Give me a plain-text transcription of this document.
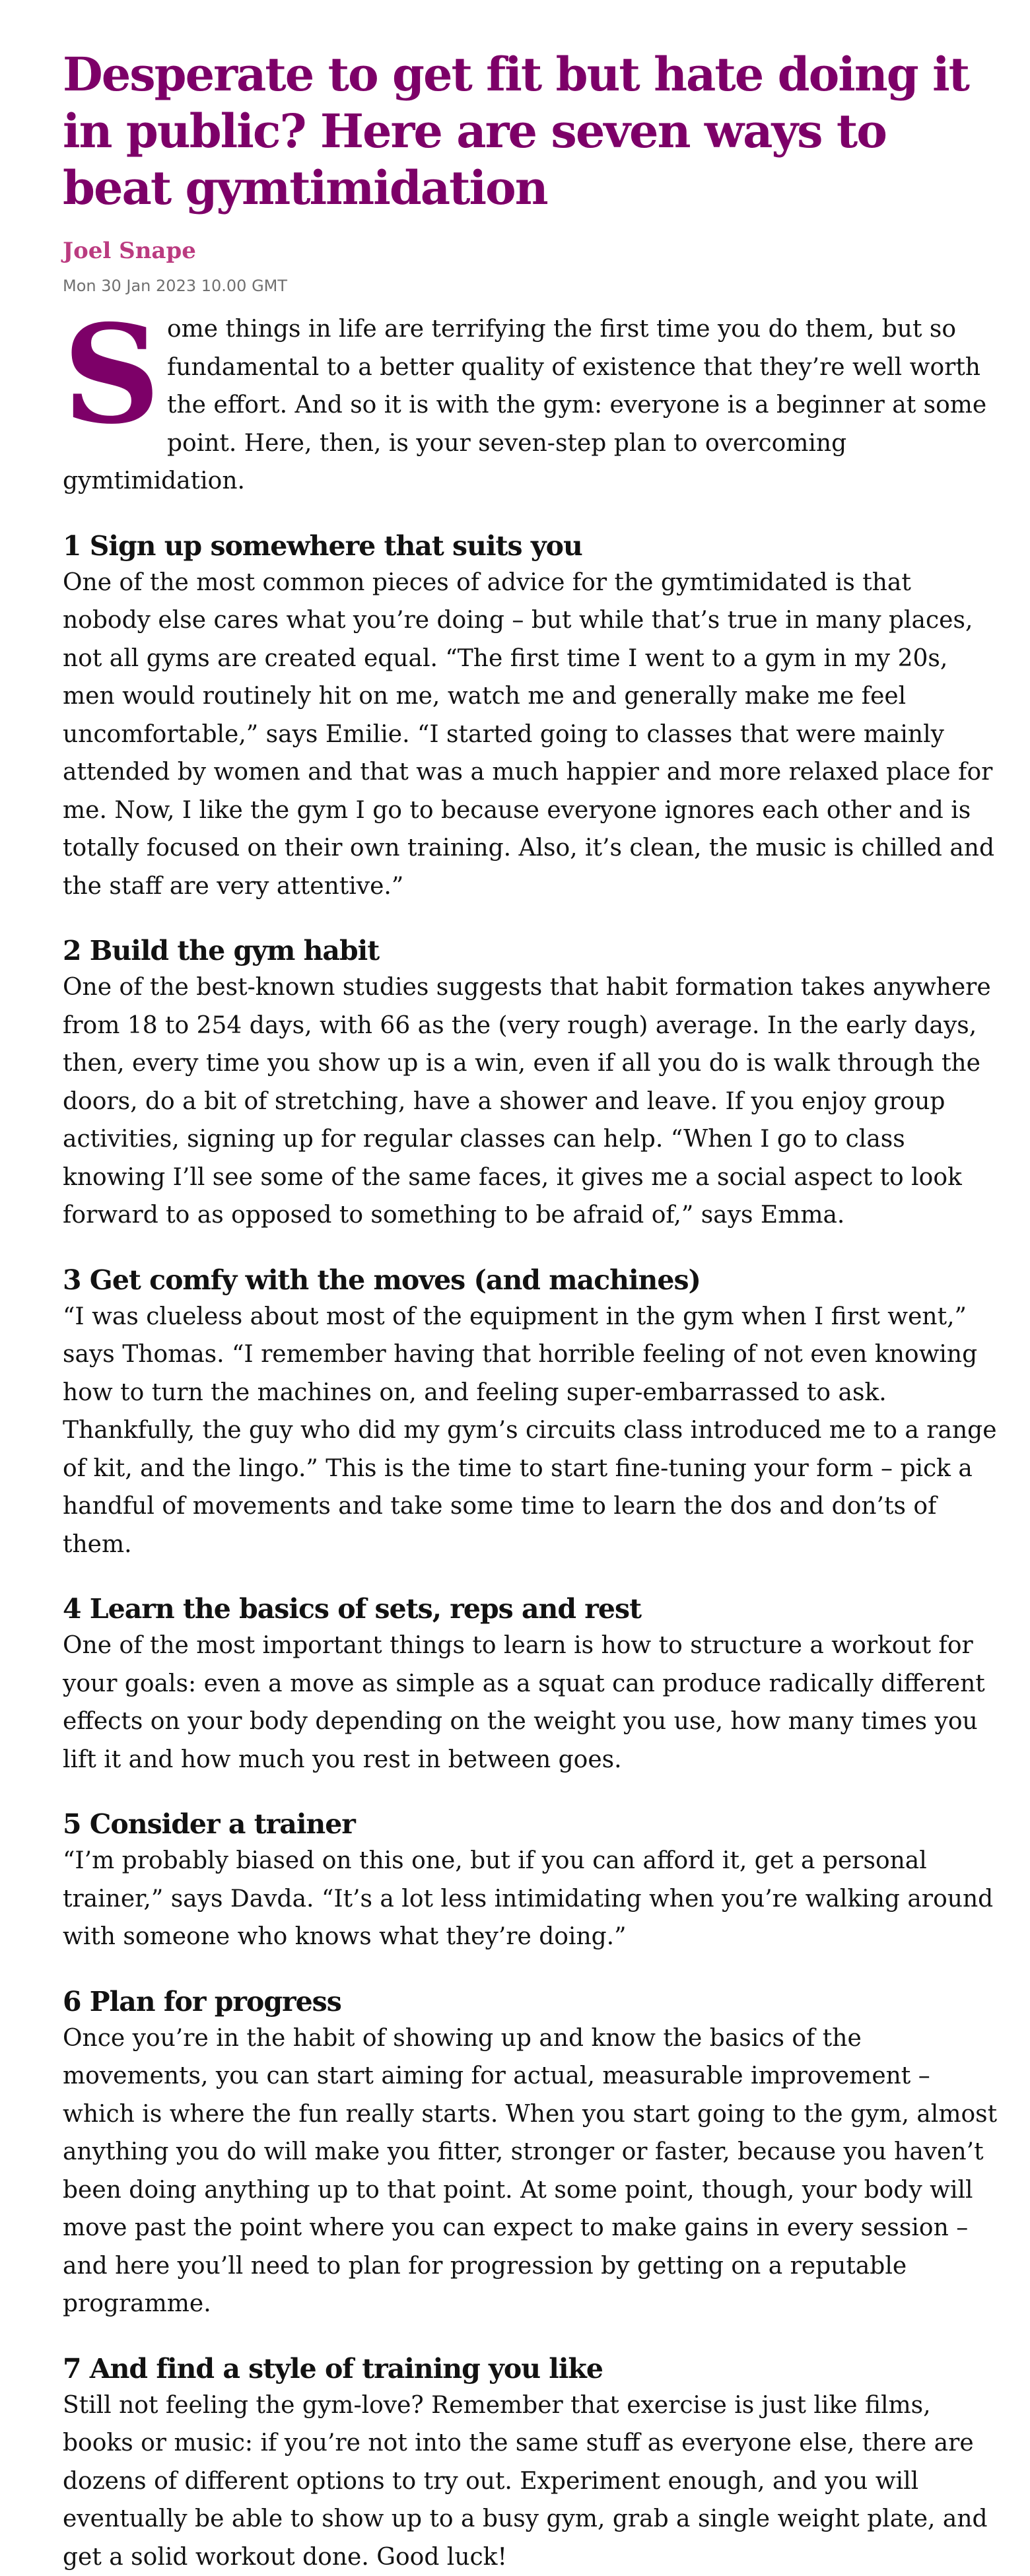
Desperate to get fit but hate doing it in public? Here are seven ways to beat gymtimidation
Joel Snape
Mon 30 Jan 2023 10.00 GMT
Some things in life are terrifying the first time you do them, but so fundamental to a better quality of existence that they’re well worth the effort. And so it is with the gym: everyone is a beginner at some point. Here, then, is your seven-step plan to overcoming gymtimidation.
1 Sign up somewhere that suits you

One of the most common pieces of advice for the gymtimidated is that nobody else cares what you’re doing – but while that’s true in many places, not all gyms are created equal. “The first time I went to a gym in my 20s, men would routinely hit on me, watch me and generally make me feel uncomfortable,” says Emilie. “I started going to classes that were mainly attended by women and that was a much happier and more relaxed place for me. Now, I like the gym I go to because everyone ignores each other and is totally focused on their own training. Also, it’s clean, the music is chilled and the staff are very attentive.”

2 Build the gym habit

One of the best-known studies suggests that habit formation takes anywhere from 18 to 254 days, with 66 as the (very rough) average. In the early days, then, every time you show up is a win, even if all you do is walk through the doors, do a bit of stretching, have a shower and leave. If you enjoy group activities, signing up for regular classes can help. “When I go to class knowing I’ll see some of the same faces, it gives me a social aspect to look forward to as opposed to something to be afraid of,” says Emma.

3 Get comfy with the moves (and machines)

“I was clueless about most of the equipment in the gym when I first went,” says Thomas. “I remember having that horrible feeling of not even knowing how to turn the machines on, and feeling super-embarrassed to ask. Thankfully, the guy who did my gym’s circuits class introduced me to a range of kit, and the lingo.” This is the time to start fine-tuning your form – pick a handful of movements and take some time to learn the dos and don’ts of them.

4 Learn the basics of sets, reps and rest

One of the most important things to learn is how to structure a workout for your goals: even a move as simple as a squat can produce radically different effects on your body depending on the weight you use, how many times you lift it and how much you rest in between goes.

5 Consider a trainer

“I’m probably biased on this one, but if you can afford it, get a personal trainer,” says Davda. “It’s a lot less intimidating when you’re walking around with someone who knows what they’re doing.”

6 Plan for progress

Once you’re in the habit of showing up and know the basics of the movements, you can start aiming for actual, measurable improvement – which is where the fun really starts. When you start going to the gym, almost anything you do will make you fitter, stronger or faster, because you haven’t been doing anything up to that point. At some point, though, your body will move past the point where you can expect to make gains in every session – and here you’ll need to plan for progression by getting on a reputable programme.

7 And find a style of training you like

Still not feeling the gym-love? Remember that exercise is just like films, books or music: if you’re not into the same stuff as everyone else, there are dozens of different options to try out. Experiment enough, and you will eventually be able to show up to a busy gym, grab a single weight plate, and get a solid workout done. Good luck!
